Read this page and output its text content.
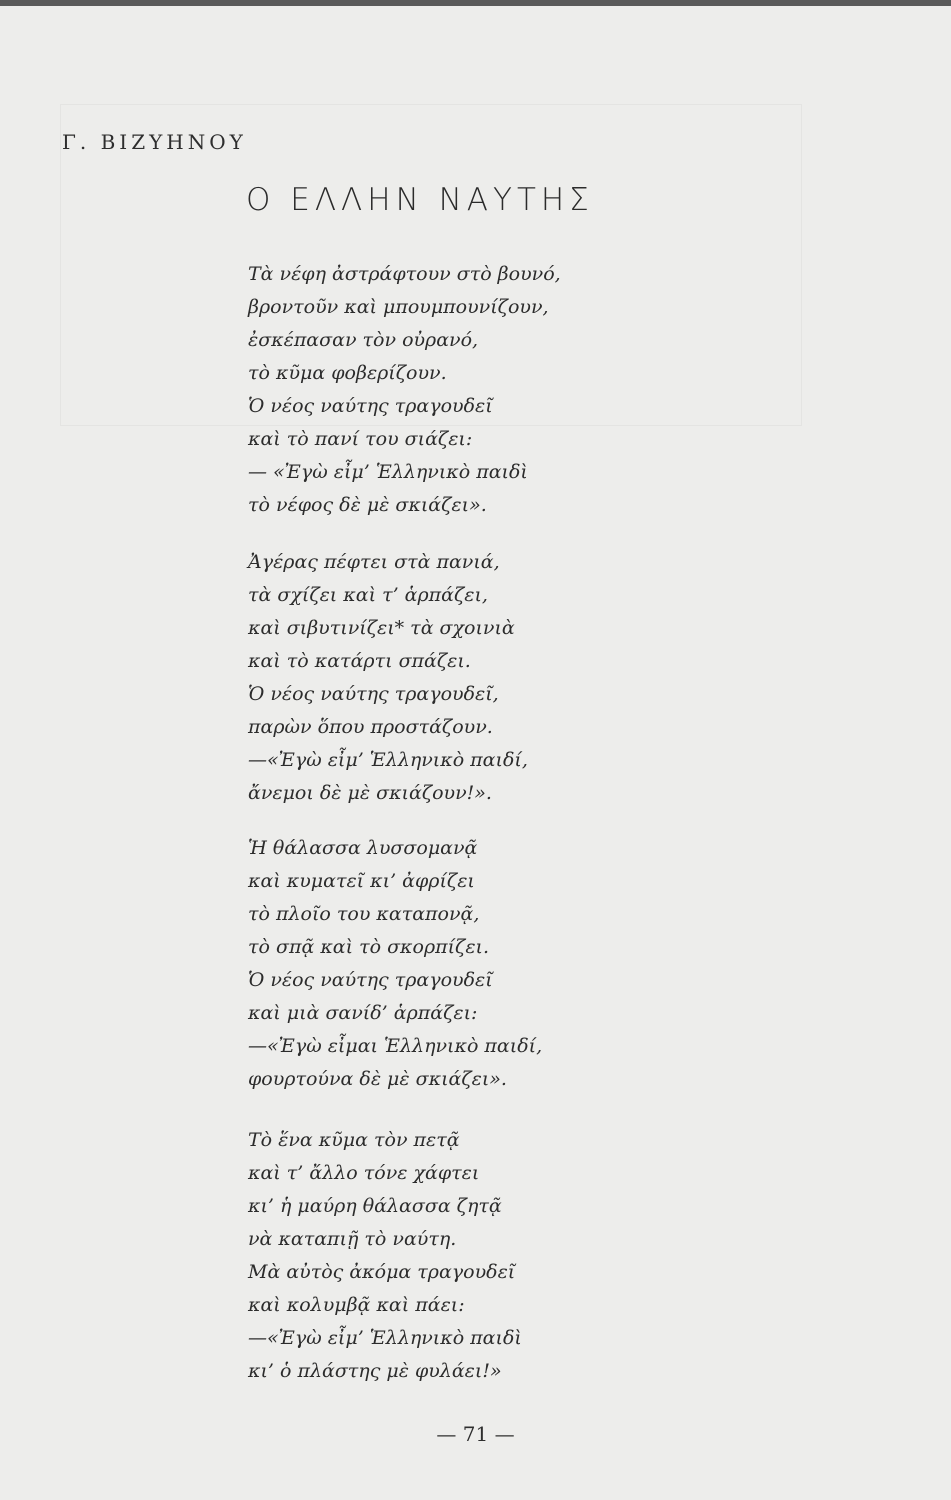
Γ. ΒΙΖΥΗΝΟΥ
Ο ΕΛΛΗΝ ΝΑΥΤΗΣ
Τὰ νέφη ἀστράφτουν στὸ βουνό,
βροντοῦν καὶ μπουμπουνίζουν,
ἐσκέπασαν τὸν οὐρανό,
τὸ κῦμα φοβερίζουν.
Ὁ νέος ναύτης τραγουδεῖ
καὶ τὸ πανί του σιάζει:
— «Ἐγὼ εἶμ’ Ἑλληνικὸ παιδὶ
τὸ νέφος δὲ μὲ σκιάζει».
Ἀγέρας πέφτει στὰ πανιά,
τὰ σχίζει καὶ τ’ ἁρπάζει,
καὶ σιβυτινίζει* τὰ σχοινιὰ
καὶ τὸ κατάρτι σπάζει.
Ὁ νέος ναύτης τραγουδεῖ,
παρὼν ὅπου προστάζουν.
—«Ἐγὼ εἶμ’ Ἑλληνικὸ παιδί,
ἄνεμοι δὲ μὲ σκιάζουν!».
Ἡ θάλασσα λυσσομανᾷ
καὶ κυματεῖ κι’ ἀφρίζει
τὸ πλοῖο του καταπονᾷ,
τὸ σπᾷ καὶ τὸ σκορπίζει.
Ὁ νέος ναύτης τραγουδεῖ
καὶ μιὰ σανίδ’ ἁρπάζει:
—«Ἐγὼ εἶμαι Ἑλληνικὸ παιδί,
φουρτούνα δὲ μὲ σκιάζει».
Τὸ ἕνα κῦμα τὸν πετᾷ
καὶ τ’ ἄλλο τόνε χάφτει
κι’ ἡ μαύρη θάλασσα ζητᾷ
νὰ καταπιῇ τὸ ναύτη.
Μὰ αὐτὸς ἀκόμα τραγουδεῖ
καὶ κολυμβᾷ καὶ πάει:
—«Ἐγὼ εἶμ’ Ἑλληνικὸ παιδὶ
κι’ ὁ πλάστης μὲ φυλάει!»
— 71 —
